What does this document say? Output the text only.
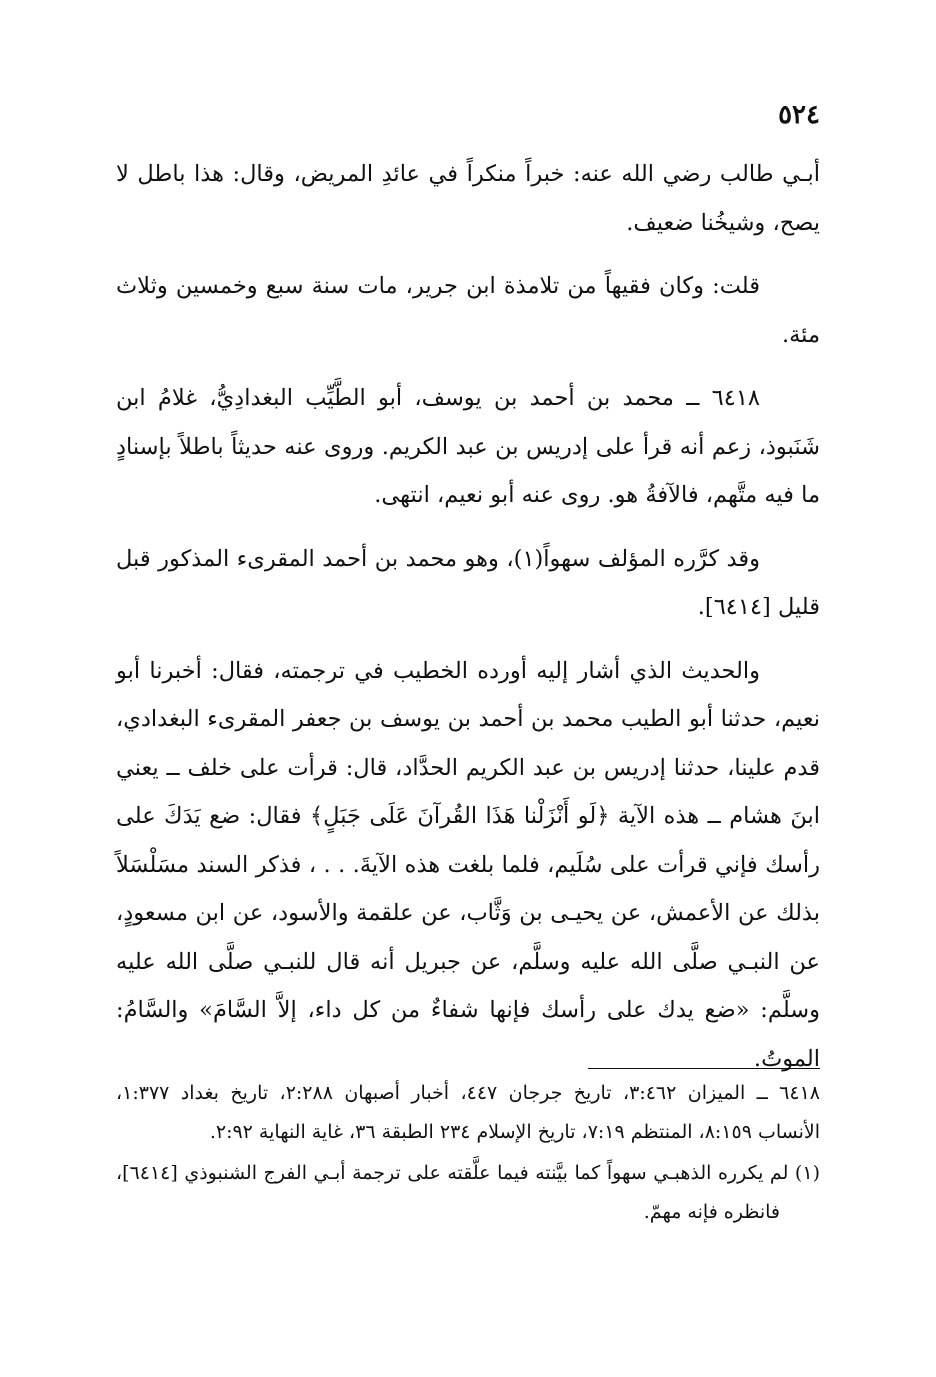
٥٢٤

أبـي طالب رضي الله عنه: خبراً منكراً في عائدِ المريض، وقال: هذا باطل لا يصح، وشيخُنا ضعيف.

قلت: وكان فقيهاً من تلامذة ابن جرير، مات سنة سبع وخمسين وثلاث مئة.

٦٤١٨ ــ محمد بن أحمد بن يوسف، أبو الطَّيِّب البغدادِيُّ، غلامُ ابن شَنَبوذ، زعم أنه قرأ على إدريس بن عبد الكريم. وروى عنه حديثاً باطلاً بإسنادٍ ما فيه متَّهم، فالآفةُ هو. روى عنه أبو نعيم، انتهى.

وقد كرَّره المؤلف سهواً(١)، وهو محمد بن أحمد المقرىء المذكور قبل قليل [٦٤١٤].

والحديث الذي أشار إليه أورده الخطيب في ترجمته، فقال: أخبرنا أبو نعيم، حدثنا أبو الطيب محمد بن أحمد بن يوسف بن جعفر المقرىء البغدادي، قدم علينا، حدثنا إدريس بن عبد الكريم الحدَّاد، قال: قرأت على خلف ــ يعني ابنَ هشام ــ هذه الآية ﴿لَو أَنْزَلْنا هَذَا القُرآنَ عَلَى جَبَلٍ﴾ فقال: ضع يَدَكَ على رأسك فإني قرأت على سُلَيم، فلما بلغت هذه الآيةَ. . . ، فذكر السند مسَلْسَلاً بذلك عن الأعمش، عن يحيـى بن وَثَّاب، عن علقمة والأسود، عن ابن مسعودٍ، عن النبـي صلَّى الله عليه وسلَّم، عن جبريل أنه قال للنبـي صلَّى الله عليه وسلَّم: «ضع يدك على رأسك فإنها شفاءٌ من كل داء، إلاَّ السَّامَ» والسَّامُ: الموتُ.

٦٤١٨ ــ الميزان ٣:٤٦٢، تاريخ جرجان ٤٤٧، أخبار أصبهان ٢:٢٨٨، تاريخ بغداد ١:٣٧٧، الأنساب ٨:١٥٩، المنتظم ٧:١٩، تاريخ الإسلام ٢٣٤ الطبقة ٣٦، غاية النهاية ٢:٩٢.

(١) لم يكرره الذهبـي سهواً كما بيَّنته فيما علَّقته على ترجمة أبـي الفرج الشنبوذي [٦٤١٤]، فانظره فإنه مهمّ.
